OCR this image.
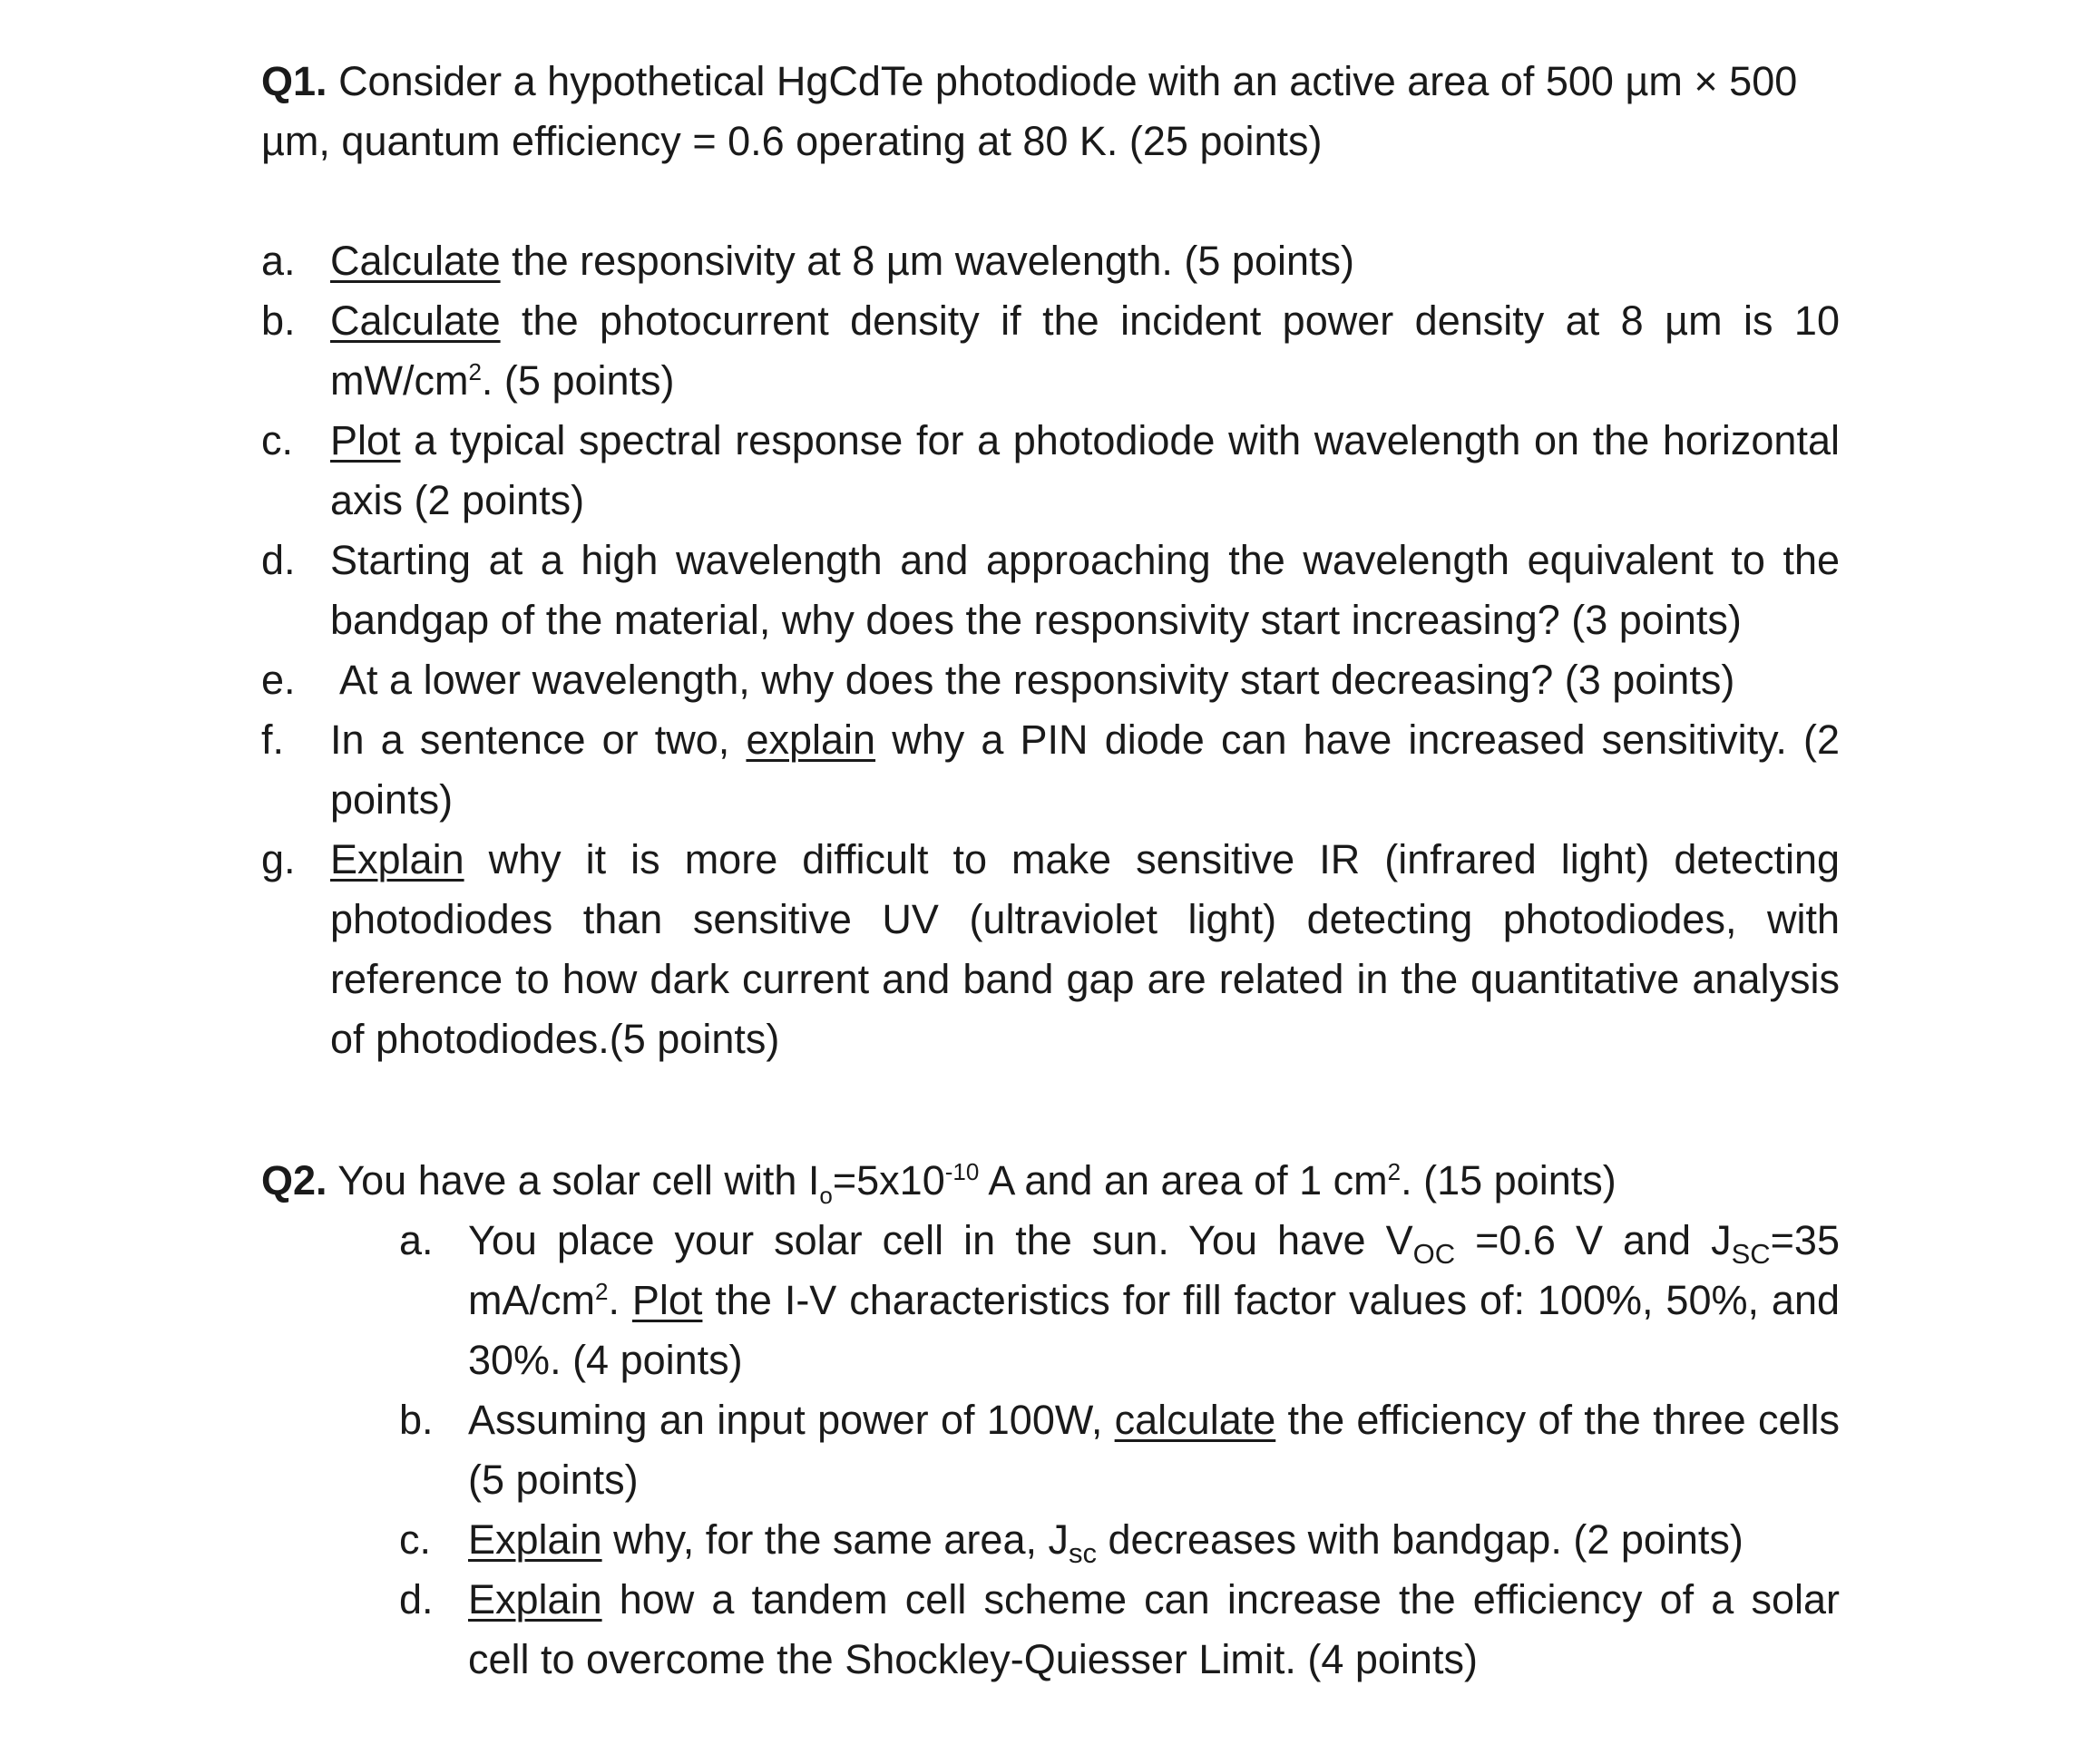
Q1. Consider a hypothetical HgCdTe photodiode with an active area of 500 µm × 500 µm, quantum efficiency = 0.6 operating at 80 K. (25 points)
a. Calculate the responsivity at 8 µm wavelength. (5 points)
b. Calculate the photocurrent density if the incident power density at 8 µm is 10 $mW/cm^2$. (5 points)
c. Plot a typical spectral response for a photodiode with wavelength on the horizontal axis (2 points)
d. Starting at a high wavelength and approaching the wavelength equivalent to the bandgap of the material, why does the responsivity start increasing? (3 points)
e. At a lower wavelength, why does the responsivity start decreasing? (3 points)
f. In a sentence or two, explain why a PIN diode can have increased sensitivity. (2 points)
g. Explain why it is more difficult to make sensitive IR (infrared light) detecting photodiodes than sensitive UV (ultraviolet light) detecting photodiodes, with reference to how dark current and band gap are related in the quantitative analysis of photodiodes.(5 points)
Q2. You have a solar cell with $I_o=5x10^{-10}$ A and an area of 1 $cm^2$. (15 points)
a. You place your solar cell in the sun. You have $V_{OC} =0.6$ V and $J_{SC}=35$ $mA/cm^2$. Plot the I-V characteristics for fill factor values of: 100%, 50%, and 30%. (4 points)
b. Assuming an input power of 100W, calculate the efficiency of the three cells (5 points)
c. Explain why, for the same area, $J_{sc}$ decreases with bandgap. (2 points)
d. Explain how a tandem cell scheme can increase the efficiency of a solar cell to overcome the Shockley-Quiesser Limit. (4 points)
